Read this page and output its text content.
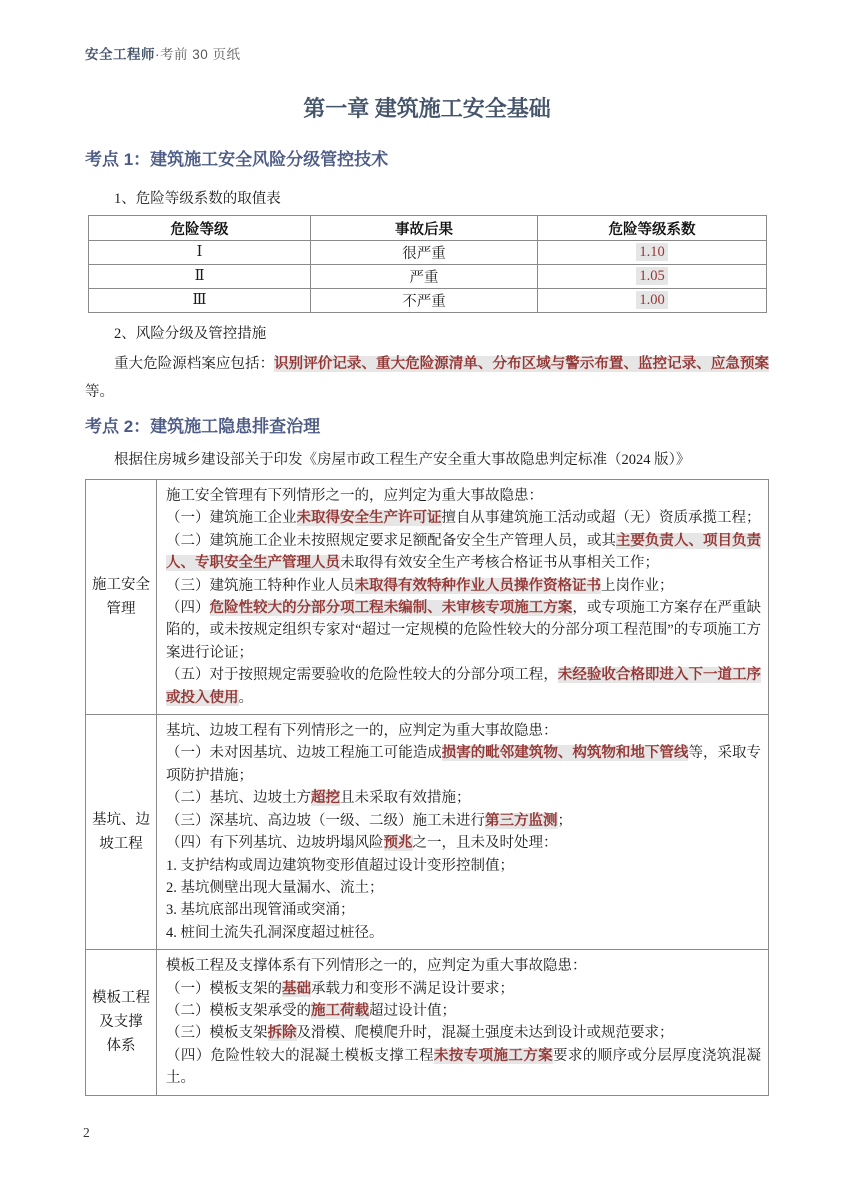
安全工程师·考前 30 页纸
第一章 建筑施工安全基础
考点 1：建筑施工安全风险分级管控技术

1、危险等级系数的取值表

危险等级	事故后果	危险等级系数
Ⅰ	很严重	1.10
Ⅱ	严重	1.05
Ⅲ	不严重	1.00

2、风险分级及管控措施

重大危险源档案应包括：识别评价记录、重大危险源清单、分布区域与警示布置、监控记录、应急预案等。

考点 2：建筑施工隐患排查治理

根据住房城乡建设部关于印发《房屋市政工程生产安全重大事故隐患判定标准（2024 版）》

施工安全
管理

施工安全管理有下列情形之一的，应判定为重大事故隐患：
（一）建筑施工企业未取得安全生产许可证擅自从事建筑施工活动或超（无）资质承揽工程；
（二）建筑施工企业未按照规定要求足额配备安全生产管理人员，或其主要负责人、项目负责人、专职安全生产管理人员未取得有效安全生产考核合格证书从事相关工作；
（三）建筑施工特种作业人员未取得有效特种作业人员操作资格证书上岗作业；
（四）危险性较大的分部分项工程未编制、未审核专项施工方案，或专项施工方案存在严重缺陷的，或未按规定组织专家对“超过一定规模的危险性较大的分部分项工程范围”的专项施工方案进行论证；
（五）对于按照规定需要验收的危险性较大的分部分项工程，未经验收合格即进入下一道工序或投入使用。

基坑、边
坡工程

基坑、边坡工程有下列情形之一的，应判定为重大事故隐患：
（一）未对因基坑、边坡工程施工可能造成损害的毗邻建筑物、构筑物和地下管线等，采取专项防护措施；
（二）基坑、边坡土方超挖且未采取有效措施；
（三）深基坑、高边坡（一级、二级）施工未进行第三方监测；
（四）有下列基坑、边坡坍塌风险预兆之一，且未及时处理：
1. 支护结构或周边建筑物变形值超过设计变形控制值；
2. 基坑侧壁出现大量漏水、流土；
3. 基坑底部出现管涌或突涌；
4. 桩间土流失孔洞深度超过桩径。

模板工程
及支撑
体系

模板工程及支撑体系有下列情形之一的，应判定为重大事故隐患：
（一）模板支架的基础承载力和变形不满足设计要求；
（二）模板支架承受的施工荷载超过设计值；
（三）模板支架拆除及滑模、爬模爬升时，混凝土强度未达到设计或规范要求；
（四）危险性较大的混凝土模板支撑工程未按专项施工方案要求的顺序或分层厚度浇筑混凝土。
2
